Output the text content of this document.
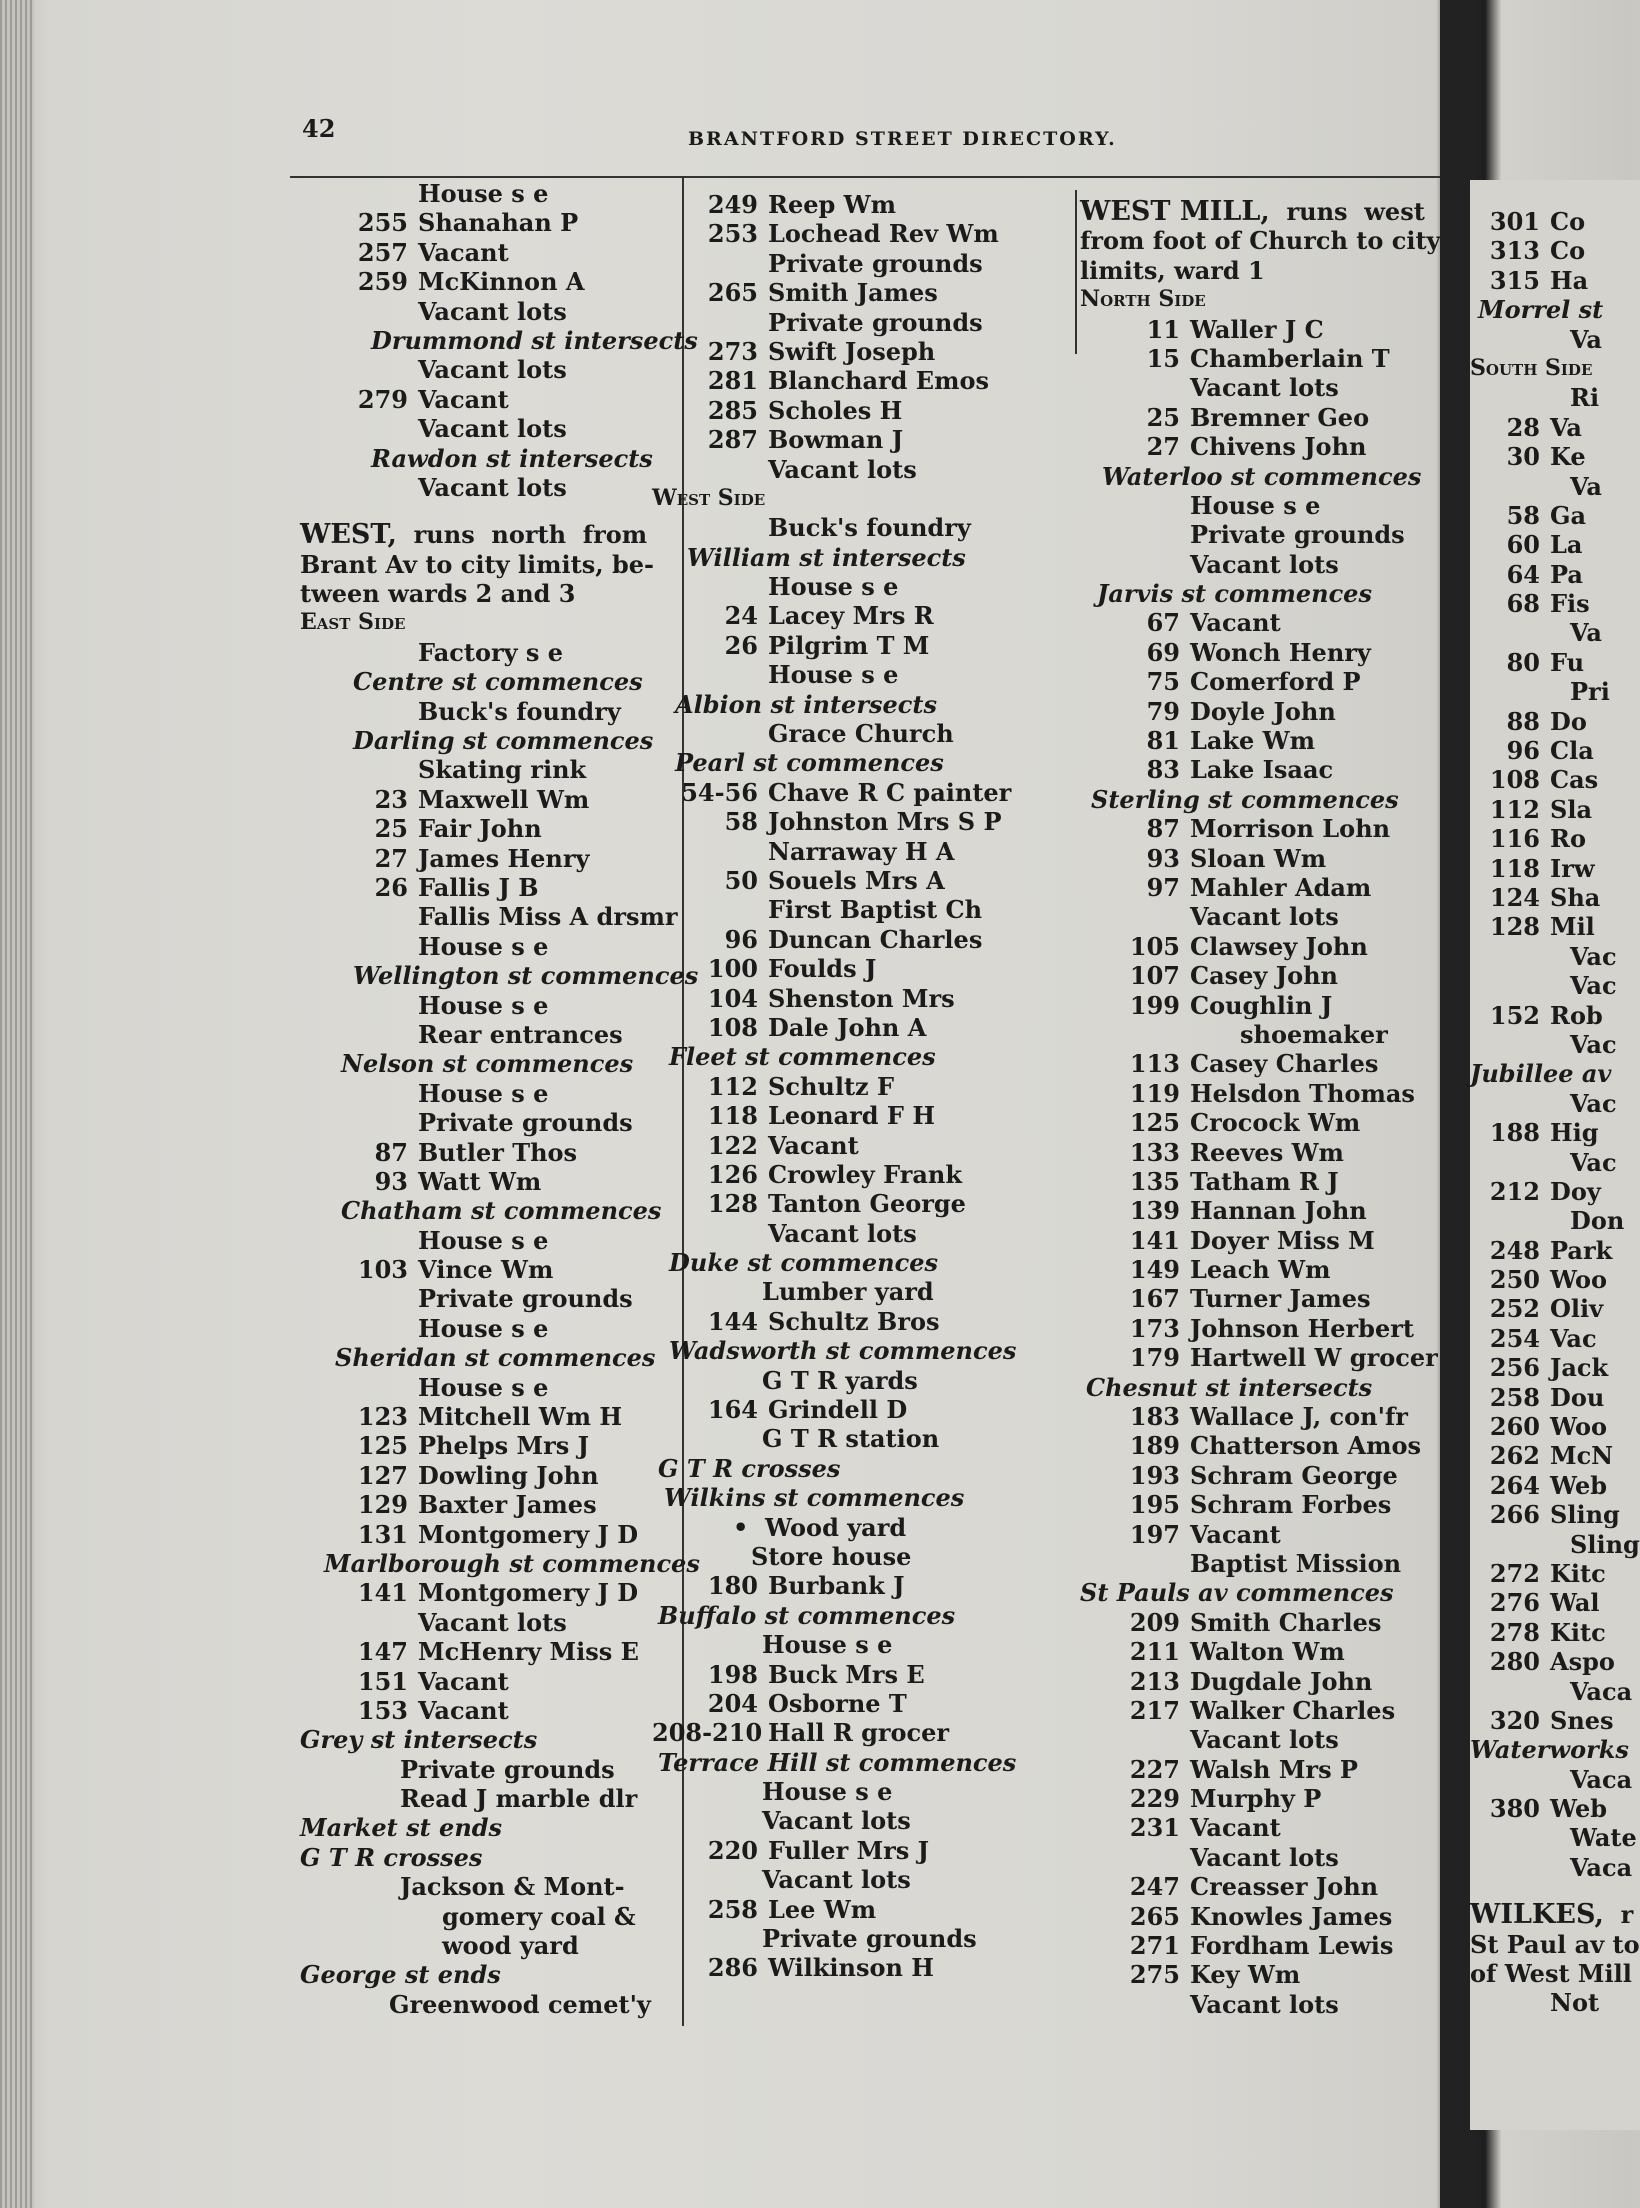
42	BRANTFORD STREET DIRECTORY.
House s e
255 Shanahan P
257 Vacant
259 McKinnon A
Vacant lots
Drummond st intersects
Vacant lots
279 Vacant
Vacant lots
Rawdon st intersects
Vacant lots
WEST,  runs  north  from
Brant Av to city limits, be-
tween wards 2 and 3
East Side
Factory s e
Centre st commences
Buck's foundry
Darling st commences
Skating rink
23 Maxwell Wm
25 Fair John
27 James Henry
26 Fallis J B
Fallis Miss A drsmr
House s e
Wellington st commences
House s e
Rear entrances
Nelson st commences
House s e
Private grounds
87 Butler Thos
93 Watt Wm
Chatham st commences
House s e
103 Vince Wm
Private grounds
House s e
Sheridan st commences
House s e
123 Mitchell Wm H
125 Phelps Mrs J
127 Dowling John
129 Baxter James
131 Montgomery J D
Marlborough st commences
141 Montgomery J D
Vacant lots
147 McHenry Miss E
151 Vacant
153 Vacant
Grey st intersects
Private grounds
Read J marble dlr
Market st ends
G T R crosses
Jackson & Mont-
gomery coal &
wood yard
George st ends
Greenwood cemet'y
249 Reep Wm
253 Lochead Rev Wm
Private grounds
265 Smith James
Private grounds
273 Swift Joseph
281 Blanchard Emos
285 Scholes H
287 Bowman J
Vacant lots
West Side
Buck's foundry
William st intersects
House s e
24 Lacey Mrs R
26 Pilgrim T M
House s e
Albion st intersects
Grace Church
Pearl st commences
54-56 Chave R C painter
58 Johnston Mrs S P
Narraway H A
50 Souels Mrs A
First Baptist Ch
96 Duncan Charles
100 Foulds J
104 Shenston Mrs
108 Dale John A
Fleet st commences
112 Schultz F
118 Leonard F H
122 Vacant
126 Crowley Frank
128 Tanton George
Vacant lots
Duke st commences
Lumber yard
144 Schultz Bros
Wadsworth st commences
G T R yards
164 Grindell D
G T R station
G T R crosses
Wilkins st commences
•  Wood yard
Store house
180 Burbank J
Buffalo st commences
House s e
198 Buck Mrs E
204 Osborne T
208-210 Hall R grocer
Terrace Hill st commences
House s e
Vacant lots
220 Fuller Mrs J
Vacant lots
258 Lee Wm
Private grounds
286 Wilkinson H
WEST MILL,  runs  west
from foot of Church to city
limits, ward 1
North Side
11 Waller J C
15 Chamberlain T
Vacant lots
25 Bremner Geo
27 Chivens John
Waterloo st commences
House s e
Private grounds
Vacant lots
Jarvis st commences
67 Vacant
69 Wonch Henry
75 Comerford P
79 Doyle John
81 Lake Wm
83 Lake Isaac
Sterling st commences
87 Morrison Lohn
93 Sloan Wm
97 Mahler Adam
Vacant lots
105 Clawsey John
107 Casey John
199 Coughlin J
shoemaker
113 Casey Charles
119 Helsdon Thomas
125 Crocock Wm
133 Reeves Wm
135 Tatham R J
139 Hannan John
141 Doyer Miss M
149 Leach Wm
167 Turner James
173 Johnson Herbert
179 Hartwell W grocer
Chesnut st intersects
183 Wallace J, con'fr
189 Chatterson Amos
193 Schram George
195 Schram Forbes
197 Vacant
Baptist Mission
St Pauls av commences
209 Smith Charles
211 Walton Wm
213 Dugdale John
217 Walker Charles
Vacant lots
227 Walsh Mrs P
229 Murphy P
231 Vacant
Vacant lots
247 Creasser John
265 Knowles James
271 Fordham Lewis
275 Key Wm
Vacant lots
301 Co
313 Co
315 Ha
Morrel st
Va
South Side
Ri
28 Va
30 Ke
Va
58 Ga
60 La
64 Pa
68 Fis
Va
80 Fu
Pri
88 Do
96 Cla
108 Cas
112 Sla
116 Ro
118 Irw
124 Sha
128 Mil
Vac
Vac
152 Rob
Vac
Jubillee av
Vac
188 Hig
Vac
212 Doy
Don
248 Park
250 Woo
252 Oliv
254 Vac
256 Jack
258 Dou
260 Woo
262 McN
264 Web
266 Sling
Sling
272 Kitc
276 Wal
278 Kitc
280 Aspo
Vaca
320 Snes
Waterworks
Vaca
380 Web
Wate
Vaca
WILKES,  r
St Paul av to
of West Mill
Not
